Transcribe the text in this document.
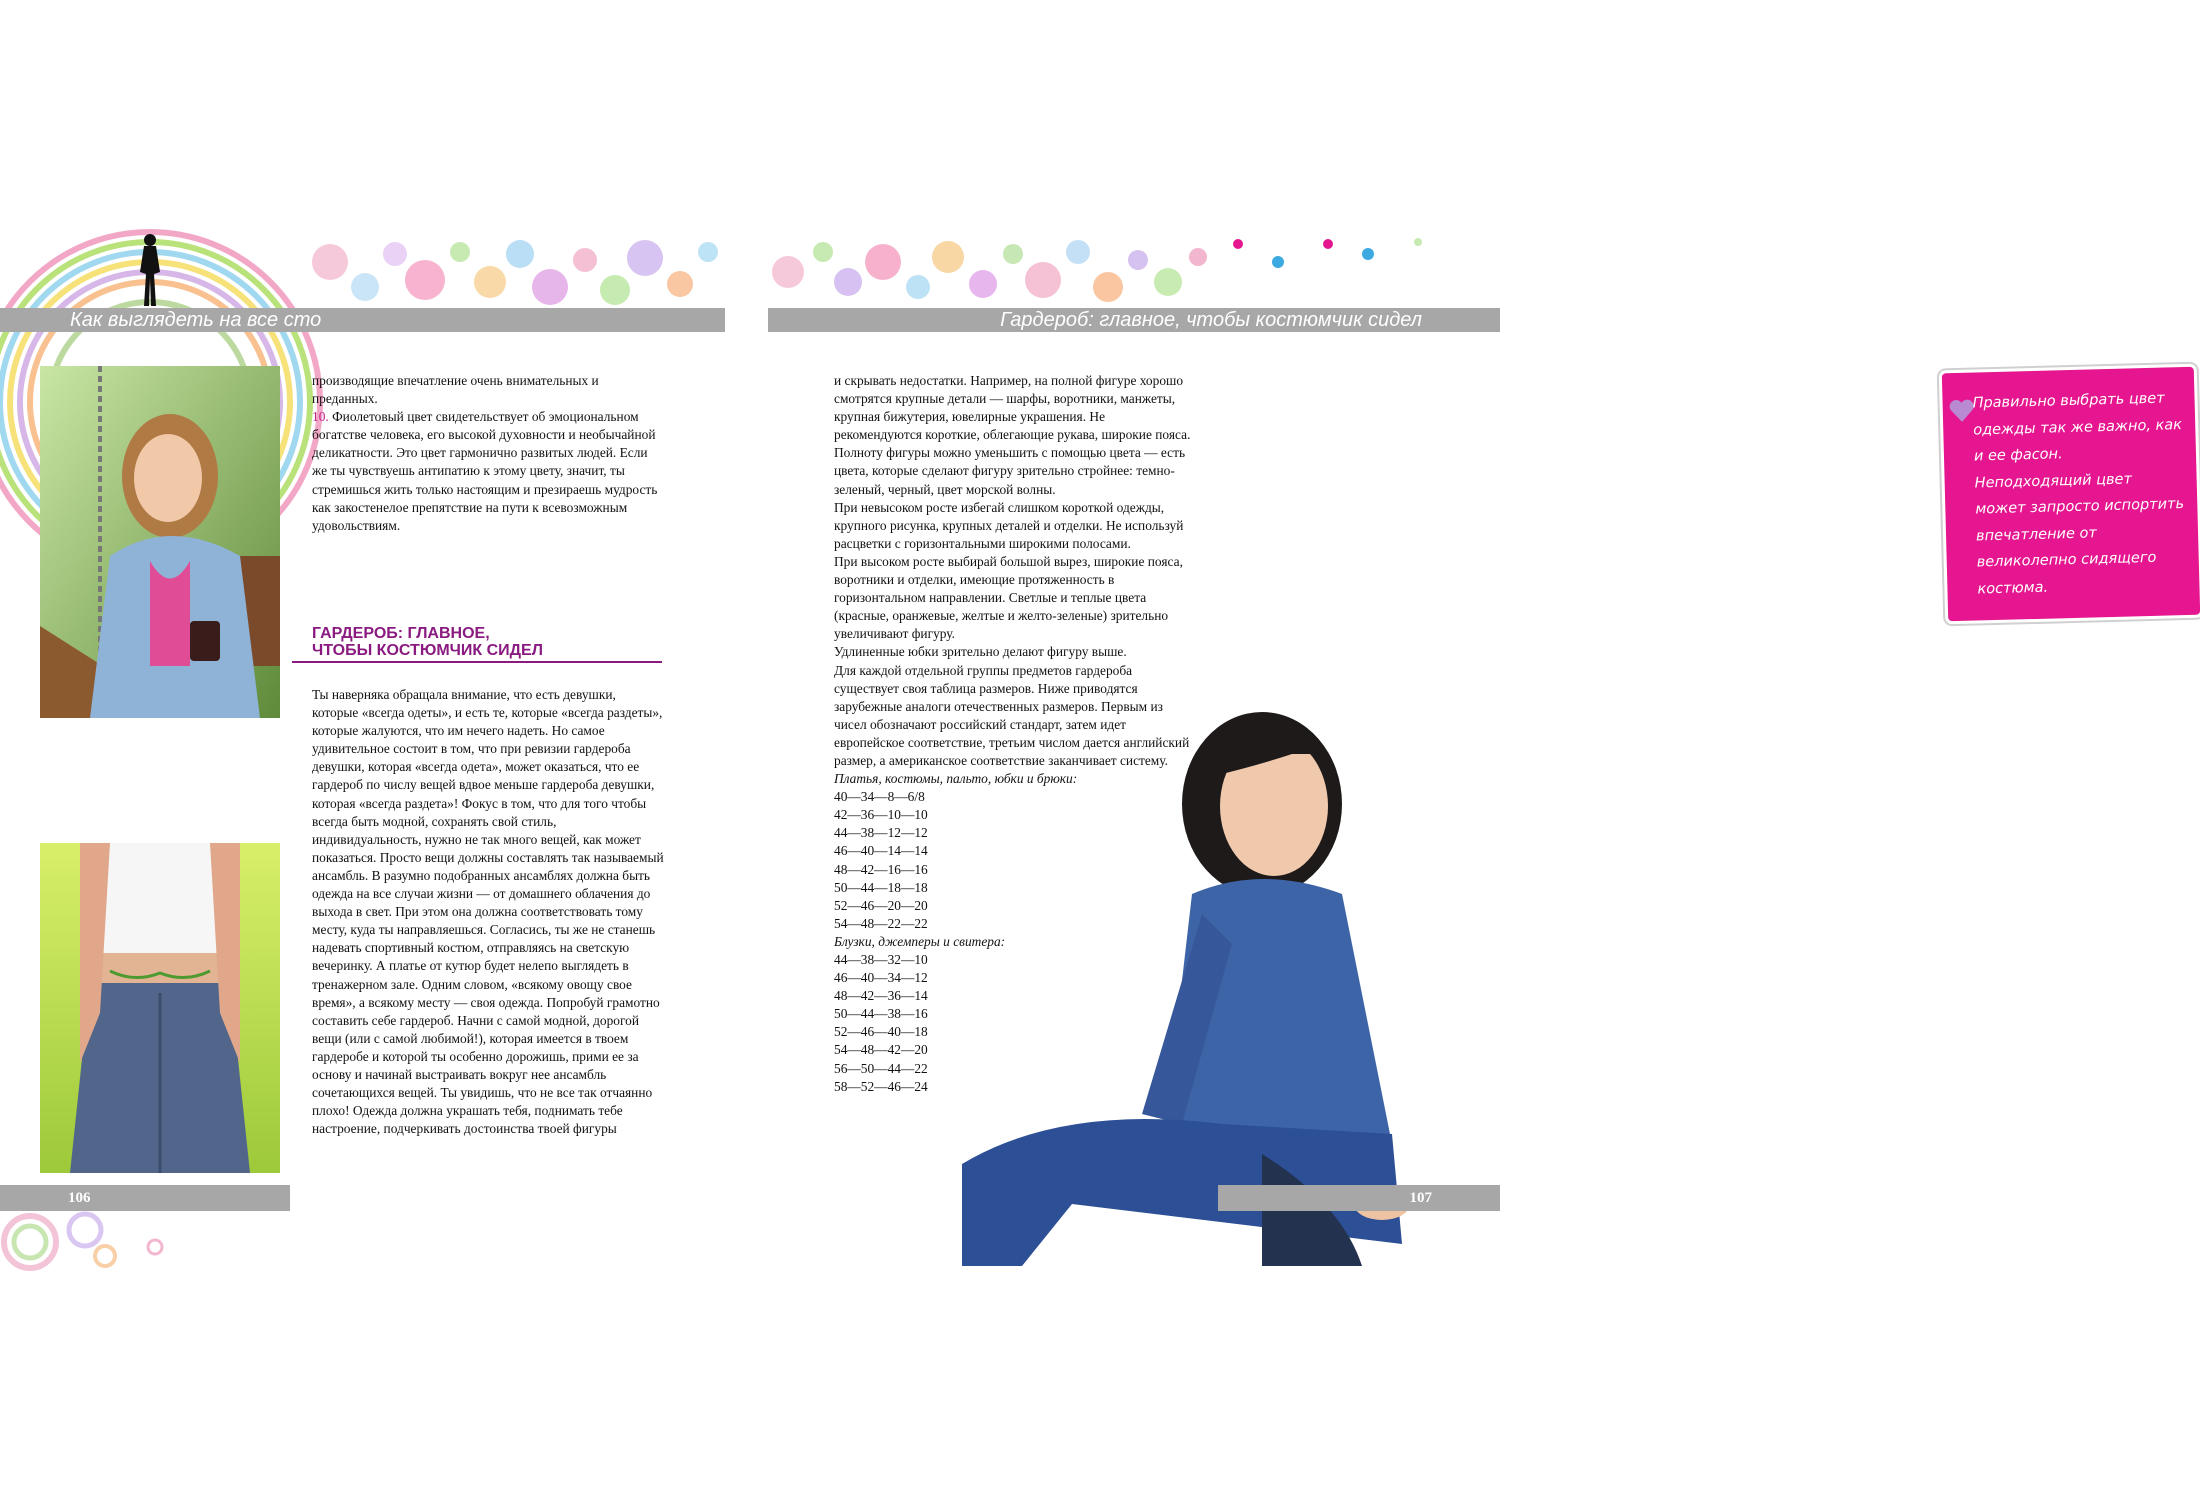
Как выглядеть на все сто

производящие впечатление очень внимательных и преданных.

10. Фиолетовый цвет свидетельствует об эмоциональном богатстве человека, его высокой духовности и необычайной деликатности. Это цвет гармонично развитых людей. Если же ты чувствуешь антипатию к этому цвету, значит, ты стремишься жить только настоящим и презираешь мудрость как закостенелое препятствие на пути к всевозможным удовольствиям.

ГАРДЕРОБ: ГЛАВНОЕ,
ЧТОБЫ КОСТЮМЧИК СИДЕЛ

Ты наверняка обращала внимание, что есть девушки, которые «всегда одеты», и есть те, которые «всегда раздеты», которые жалуются, что им нечего надеть. Но самое удивительное состоит в том, что при ревизии гардероба девушки, которая «всегда одета», может оказаться, что ее гардероб по числу вещей вдвое меньше гардероба девушки, которая «всегда раздета»! Фокус в том, что для того чтобы всегда быть модной, сохранять свой стиль, индивидуальность, нужно не так много вещей, как может показаться. Просто вещи должны составлять так называемый ансамбль. В разумно подобранных ансамблях должна быть одежда на все случаи жизни — от домашнего облачения до выхода в свет. При этом она должна соответствовать тому месту, куда ты направляешься. Согласись, ты же не станешь надевать спортивный костюм, отправляясь на светскую вечеринку. А платье от кутюр будет нелепо выглядеть в тренажерном зале. Одним словом, «всякому овощу свое время», а всякому месту — своя одежда. Попробуй грамотно составить себе гардероб. Начни с самой модной, дорогой вещи (или с самой любимой!), которая имеется в твоем гардеробе и которой ты особенно дорожишь, прими ее за основу и начинай выстраивать вокруг нее ансамбль сочетающихся вещей. Ты увидишь, что не все так отчаянно плохо! Одежда должна украшать тебя, поднимать тебе настроение, подчеркивать достоинства твоей фигуры

106
Гардероб: главное, чтобы костюмчик сидел

и скрывать недостатки. Например, на полной фигуре хорошо смотрятся крупные детали — шарфы, воротники, манжеты, крупная бижутерия, ювелирные украшения. Не рекомендуются короткие, облегающие рукава, широкие пояса. Полноту фигуры можно уменьшить с помощью цвета — есть цвета, которые сделают фигуру зрительно стройнее: темно-зеленый, черный, цвет морской волны.

При невысоком росте избегай слишком короткой одежды, крупного рисунка, крупных деталей и отделки. Не используй расцветки с горизонтальными широкими полосами.

При высоком росте выбирай большой вырез, широкие пояса, воротники и отделки, имеющие протяженность в горизонтальном направлении. Светлые и теплые цвета (красные, оранжевые, желтые и желто-зеленые) зрительно увеличивают фигуру.

Удлиненные юбки зрительно делают фигуру выше.

Для каждой отдельной группы предметов гардероба существует своя таблица размеров. Ниже приводятся зарубежные аналоги отечественных размеров. Первым из чисел обозначают российский стандарт, затем идет европейское соответствие, третьим числом дается английский размер, а американское соответствие заканчивает систему.

Платья, костюмы, пальто, юбки и брюки:

40—34—8—6/8
42—36—10—10
44—38—12—12
46—40—14—14
48—42—16—16
50—44—18—18
52—46—20—20
54—48—22—22

Блузки, джемперы и свитера:

44—38—32—10
46—40—34—12
48—42—36—14
50—44—38—16
52—46—40—18
54—48—42—20
56—50—44—22
58—52—46—24

Правильно выбрать цвет одежды так же важно, как и ее фасон. Неподходящий цвет может запросто испортить впечатление от великолепно сидящего костюма.

107
